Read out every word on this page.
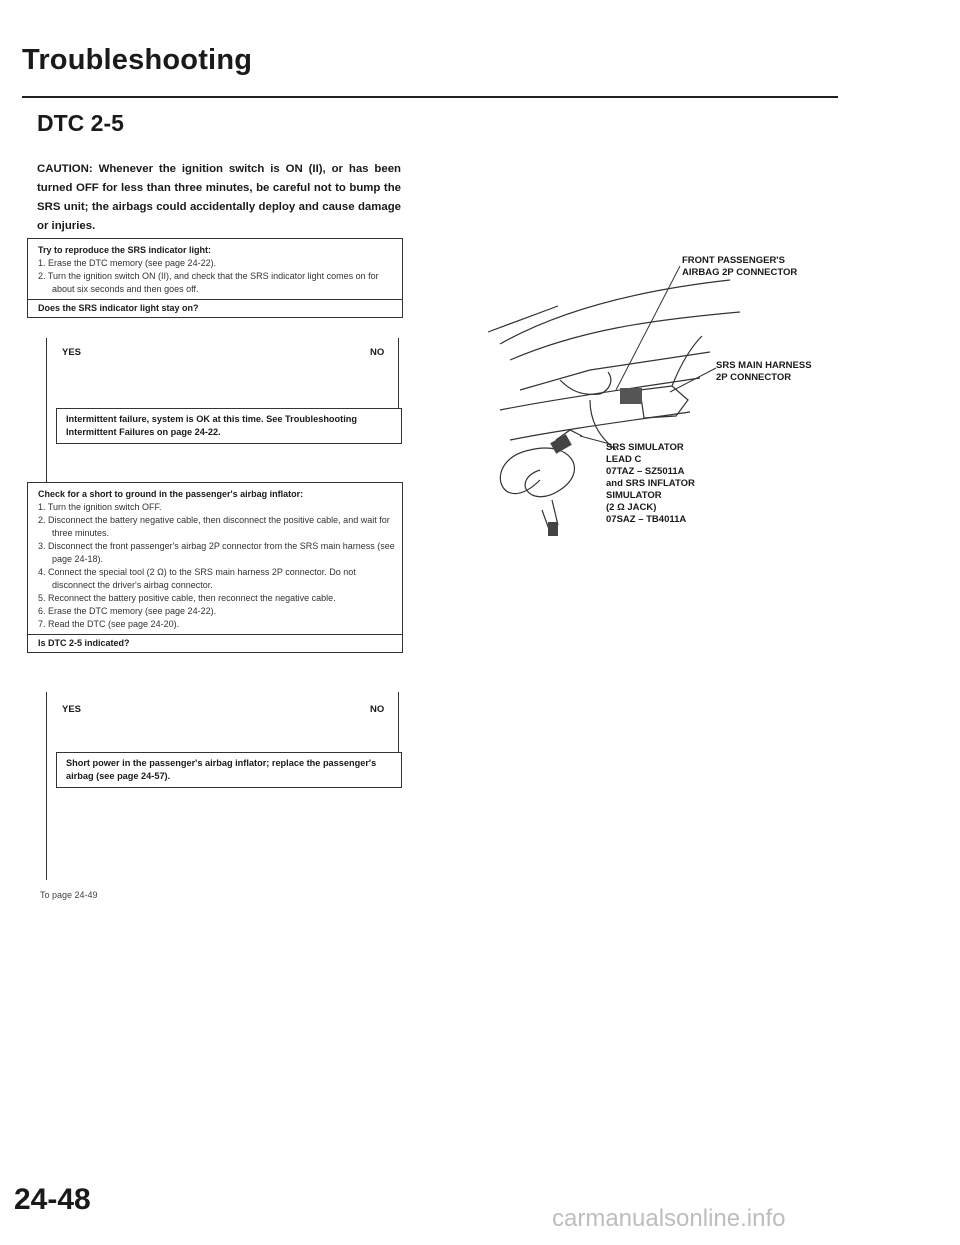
Troubleshooting
DTC 2-5
CAUTION: Whenever the ignition switch is ON (II), or has been turned OFF for less than three minutes, be careful not to bump the SRS unit; the airbags could accidentally deploy and cause damage or injuries.
Try to reproduce the SRS indicator light:
1. Erase the DTC memory (see page 24-22).
2. Turn the ignition switch ON (II), and check that the SRS indicator light comes on for about six seconds and then goes off.
Does the SRS indicator light stay on?
YES	NO
Intermittent failure, system is OK at this time. See Troubleshooting Intermittent Failures on page 24-22.
Check for a short to ground in the passenger's airbag inflator:
1. Turn the ignition switch OFF.
2. Disconnect the battery negative cable, then disconnect the positive cable, and wait for three minutes.
3. Disconnect the front passenger's airbag 2P connector from the SRS main harness (see page 24-18).
4. Connect the special tool (2 Ω) to the SRS main harness 2P connector. Do not disconnect the driver's airbag connector.
5. Reconnect the battery positive cable, then reconnect the negative cable.
6. Erase the DTC memory (see page 24-22).
7. Read the DTC (see page 24-20).
Is DTC 2-5 indicated?
YES	NO
Short power in the passenger's airbag inflator; replace the passenger's airbag (see page 24-57).
To page 24-49
FRONT PASSENGER'S
AIRBAG 2P CONNECTOR
SRS MAIN HARNESS
2P CONNECTOR
SRS SIMULATOR
LEAD C
07TAZ – SZ5011A
and SRS INFLATOR
SIMULATOR
(2 Ω JACK)
07SAZ – TB4011A
24-48
carmanualsonline.info
